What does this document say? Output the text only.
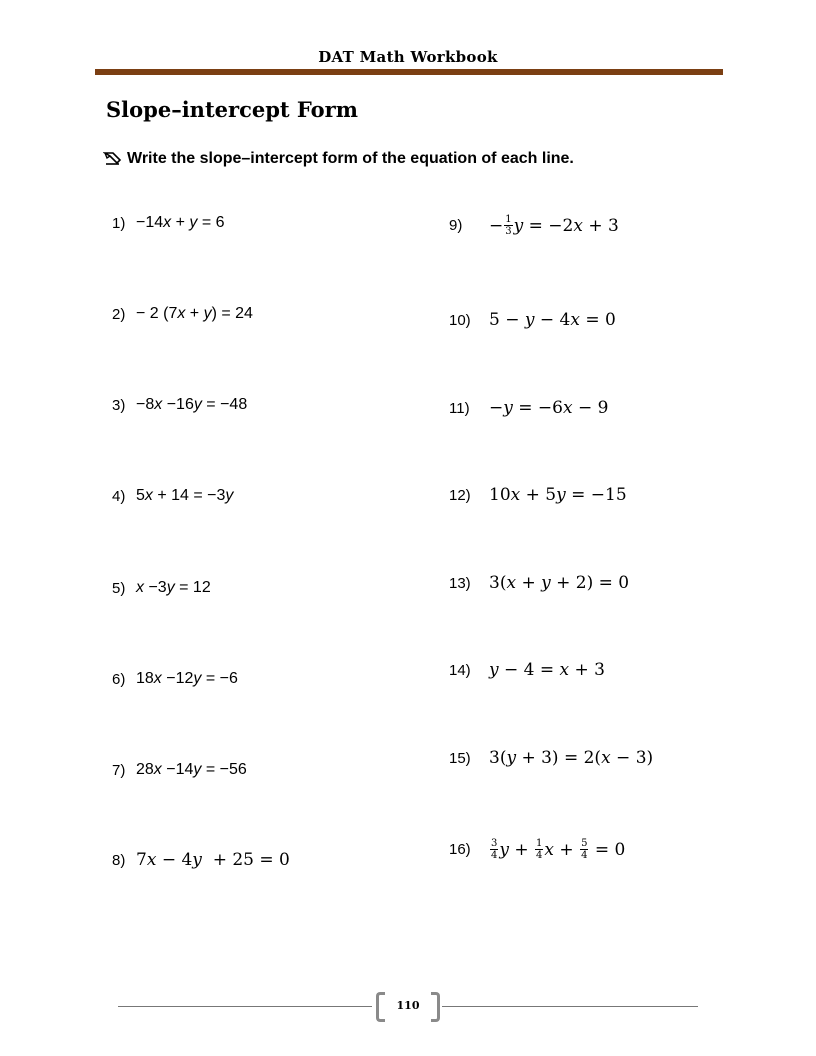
DAT Math Workbook
Slope–intercept Form
Write the slope–intercept form of the equation of each line.
1) −14 x + y = 6
2) − 2 (7 x + y ) = 24
3) −8 x −16 y = −48
4) 5 x + 14 = −3 y
5) x −3 y = 12
6) 18 x −12 y = −6
7) 28 x −14 y = −56
8) 7 x − 4 y + 25 = 0
9)	− $\frac{1}{3}$ y = −2 x + 3
10)	5 − y − 4 x = 0
11)	− y = −6 x − 9
12)	10 x + 5 y = −15
13)	3( x + y + 2) = 0
14)	y − 4 = x + 3
15)	3( y + 3) = 2( x − 3)
16)	$\frac{3}{4}$ $y + \frac{1}{4}$ $x + \frac{5}{4} = 0$
110
